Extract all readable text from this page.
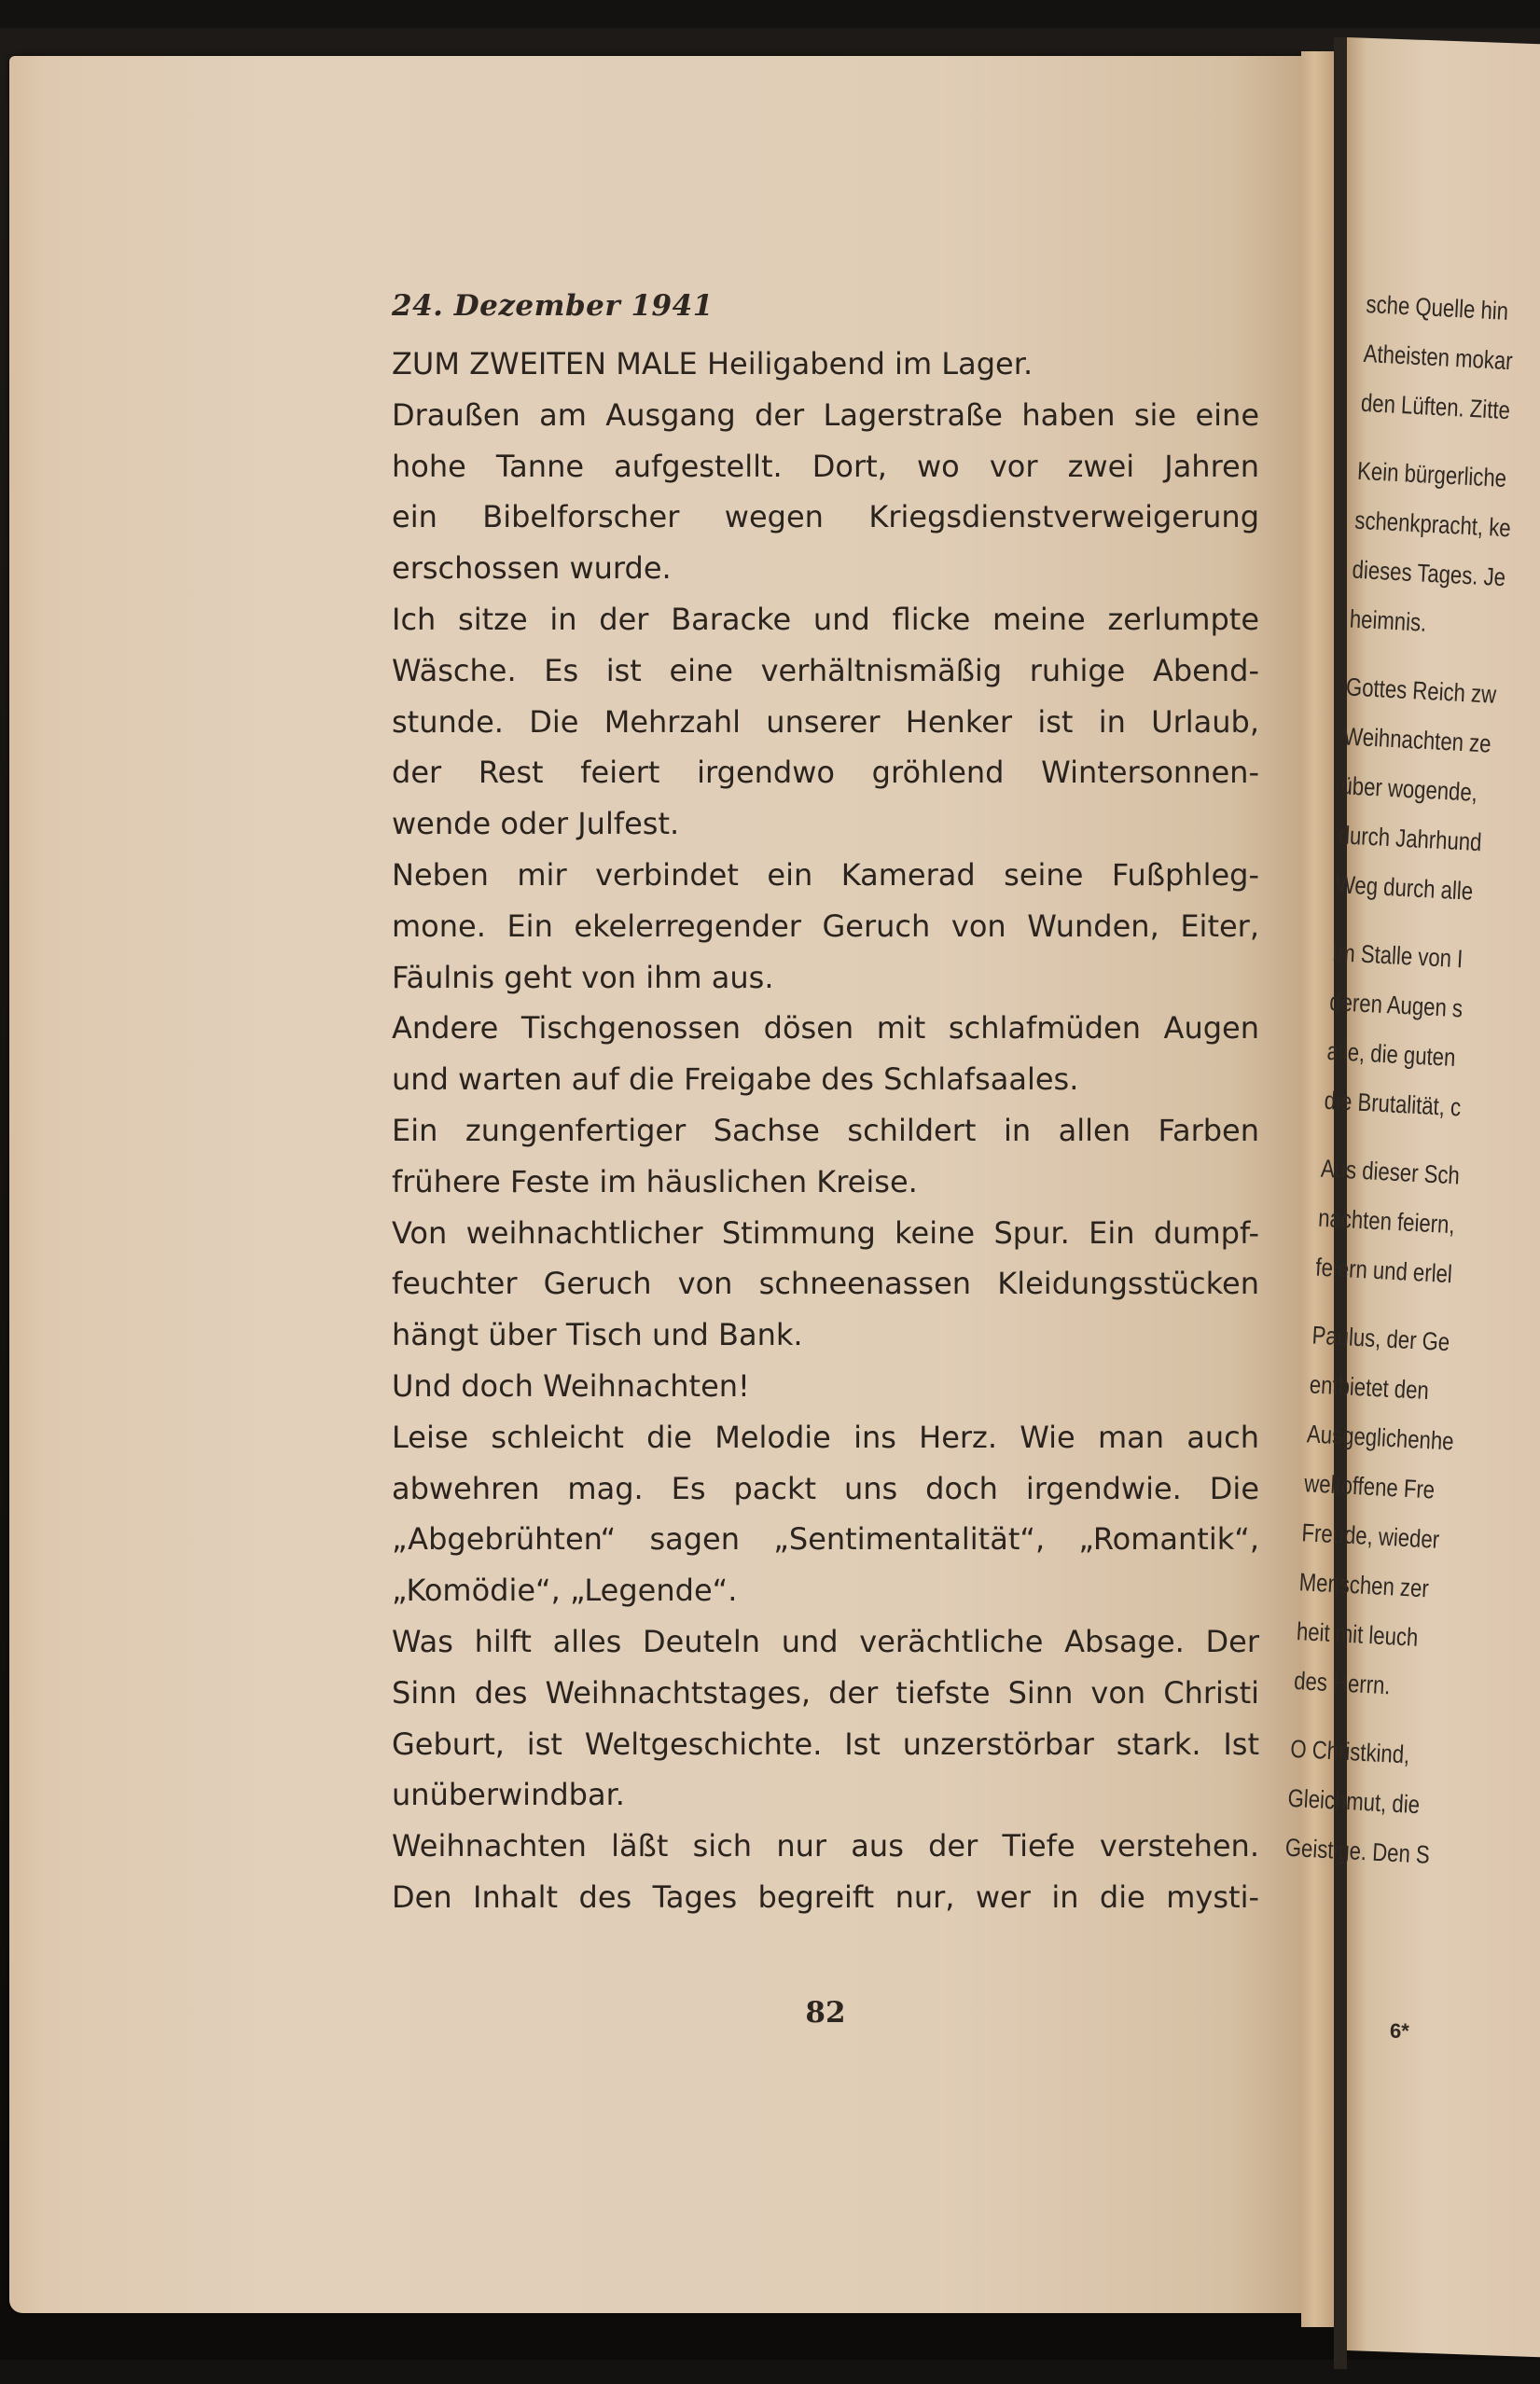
24. Dezember 1941
ZUM ZWEITEN MALE Heiligabend im Lager.
Draußen am Ausgang der Lagerstraße haben sie eine
hohe Tanne aufgestellt. Dort, wo vor zwei Jahren
ein Bibelforscher wegen Kriegsdienstverweigerung
erschossen wurde.
Ich sitze in der Baracke und flicke meine zerlumpte
Wäsche. Es ist eine verhältnismäßig ruhige Abend-
stunde. Die Mehrzahl unserer Henker ist in Urlaub,
der Rest feiert irgendwo gröhlend Wintersonnen-
wende oder Julfest.
Neben mir verbindet ein Kamerad seine Fußphleg-
mone. Ein ekelerregender Geruch von Wunden, Eiter,
Fäulnis geht von ihm aus.
Andere Tischgenossen dösen mit schlafmüden Augen
und warten auf die Freigabe des Schlafsaales.
Ein zungenfertiger Sachse schildert in allen Farben
frühere Feste im häuslichen Kreise.
Von weihnachtlicher Stimmung keine Spur. Ein dumpf-
feuchter Geruch von schneenassen Kleidungsstücken
hängt über Tisch und Bank.
Und doch Weihnachten!
Leise schleicht die Melodie ins Herz. Wie man auch
abwehren mag. Es packt uns doch irgendwie. Die
„Abgebrühten“ sagen „Sentimentalität“, „Romantik“,
„Komödie“, „Legende“.
Was hilft alles Deuteln und verächtliche Absage. Der
Sinn des Weihnachtstages, der tiefste Sinn von Christi
Geburt, ist Weltgeschichte. Ist unzerstörbar stark. Ist
unüberwindbar.
Weihnachten läßt sich nur aus der Tiefe verstehen.
Den Inhalt des Tages begreift nur, wer in die mysti-
82
sche Quelle hin
Atheisten mokar
den Lüften. Zitte
Kein bürgerliche
schenkpracht, ke
dieses Tages. Je
heimnis.
Gottes Reich zw
Weihnachten ze
über wogende,
durch Jahrhund
Weg durch alle
Im Stalle von I
deren Augen s
alle, die guten
die Brutalität, c
Aus dieser Sch
nachten feiern,
feiern und erlel
Paulus, der Ge
entbietet den
Ausgeglichenhe
weltoffene Fre
Freude, wieder
Menschen zer
heit mit leuch
des Herrn.
O Christkind,
Gleichmut, die
Geistige. Den S
6*
